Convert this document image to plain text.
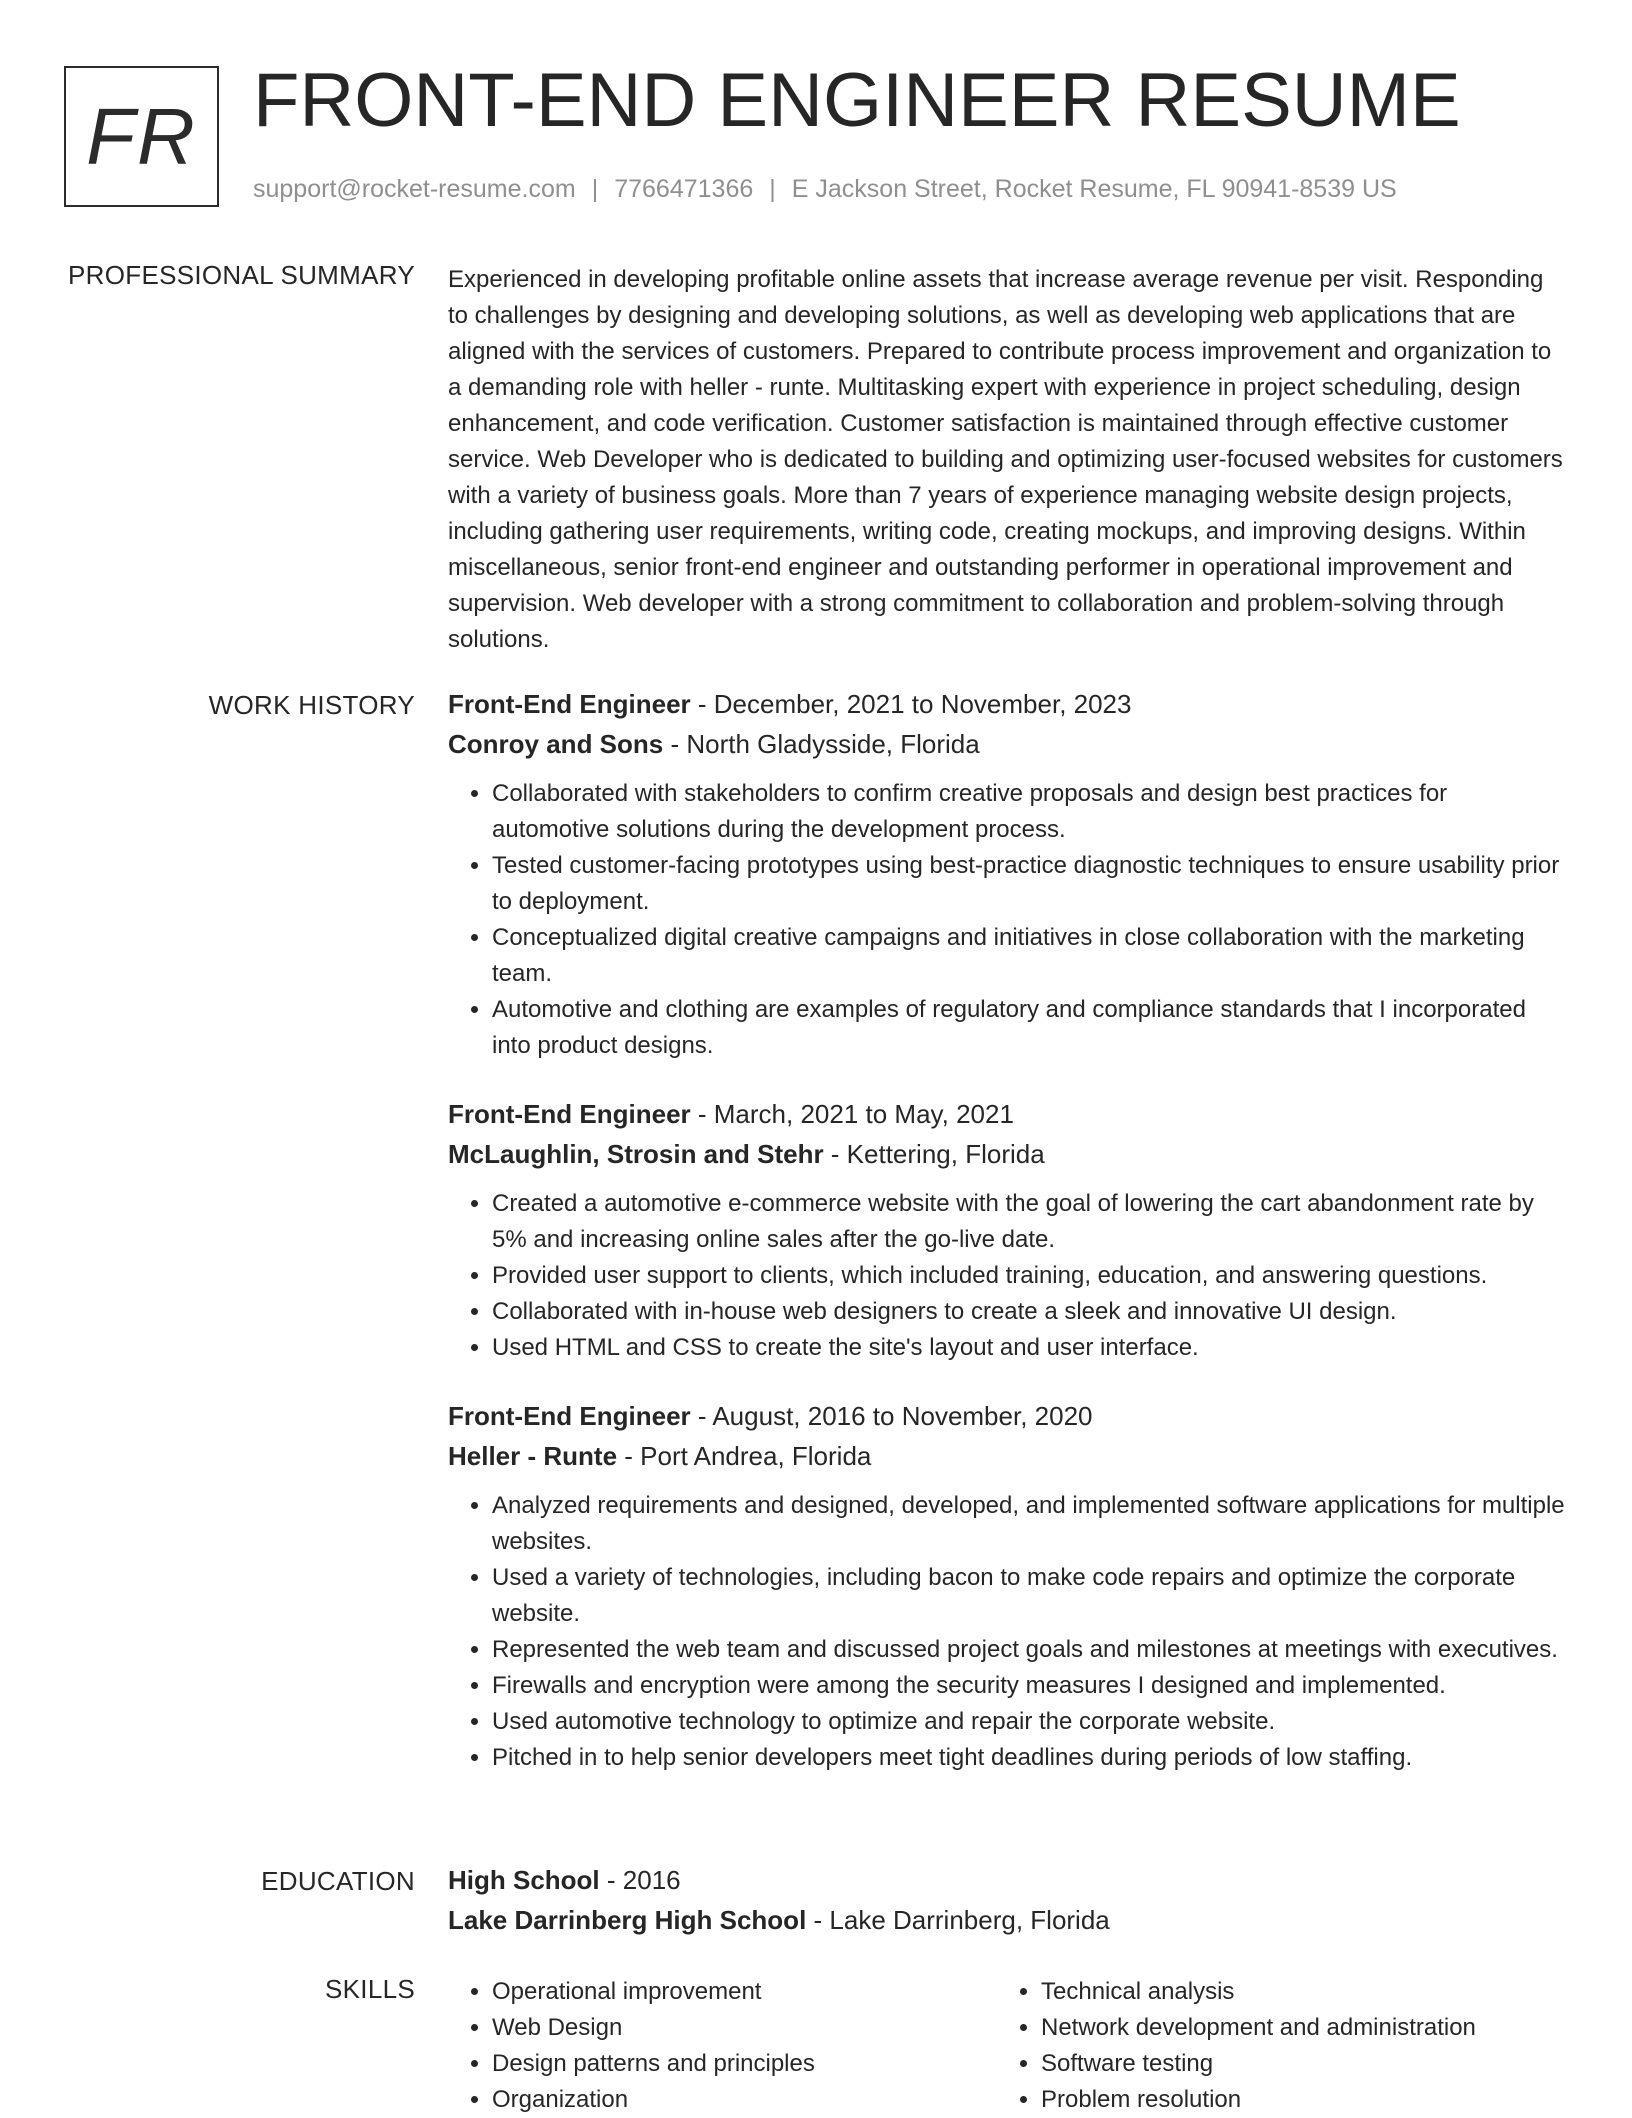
FR FRONT-END ENGINEER RESUME
support@rocket-resume.com | 7766471366 | E Jackson Street, Rocket Resume, FL 90941-8539 US
PROFESSIONAL SUMMARY Experienced in developing profitable online assets that increase average revenue per visit. Responding to challenges by designing and developing solutions, as well as developing web applications that are aligned with the services of customers. Prepared to contribute process improvement and organization to a demanding role with heller - runte. Multitasking expert with experience in project scheduling, design enhancement, and code verification. Customer satisfaction is maintained through effective customer service. Web Developer who is dedicated to building and optimizing user-focused websites for customers with a variety of business goals. More than 7 years of experience managing website design projects, including gathering user requirements, writing code, creating mockups, and improving designs. Within miscellaneous, senior front-end engineer and outstanding performer in operational improvement and supervision. Web developer with a strong commitment to collaboration and problem-solving through solutions.

WORK HISTORY Front-End Engineer - December, 2021 to November, 2023
Conroy and Sons - North Gladysside, Florida
• Collaborated with stakeholders to confirm creative proposals and design best practices for automotive solutions during the development process.
• Tested customer-facing prototypes using best-practice diagnostic techniques to ensure usability prior to deployment.
• Conceptualized digital creative campaigns and initiatives in close collaboration with the marketing team.
• Automotive and clothing are examples of regulatory and compliance standards that I incorporated into product designs.
Front-End Engineer - March, 2021 to May, 2021
McLaughlin, Strosin and Stehr - Kettering, Florida
• Created a automotive e-commerce website with the goal of lowering the cart abandonment rate by 5% and increasing online sales after the go-live date.
• Provided user support to clients, which included training, education, and answering questions.
• Collaborated with in-house web designers to create a sleek and innovative UI design.
• Used HTML and CSS to create the site's layout and user interface.
Front-End Engineer - August, 2016 to November, 2020
Heller - Runte - Port Andrea, Florida
• Analyzed requirements and designed, developed, and implemented software applications for multiple websites.
• Used a variety of technologies, including bacon to make code repairs and optimize the corporate website.
• Represented the web team and discussed project goals and milestones at meetings with executives.
• Firewalls and encryption were among the security measures I designed and implemented.
• Used automotive technology to optimize and repair the corporate website.
• Pitched in to help senior developers meet tight deadlines during periods of low staffing.
EDUCATION High School - 2016
Lake Darrinberg High School - Lake Darrinberg, Florida
SKILLS
•	Operational improvement
• Web Design
• Design patterns and principles
• Organization
• Technical analysis
• Network development and administration
• Software testing
• Problem resolution
